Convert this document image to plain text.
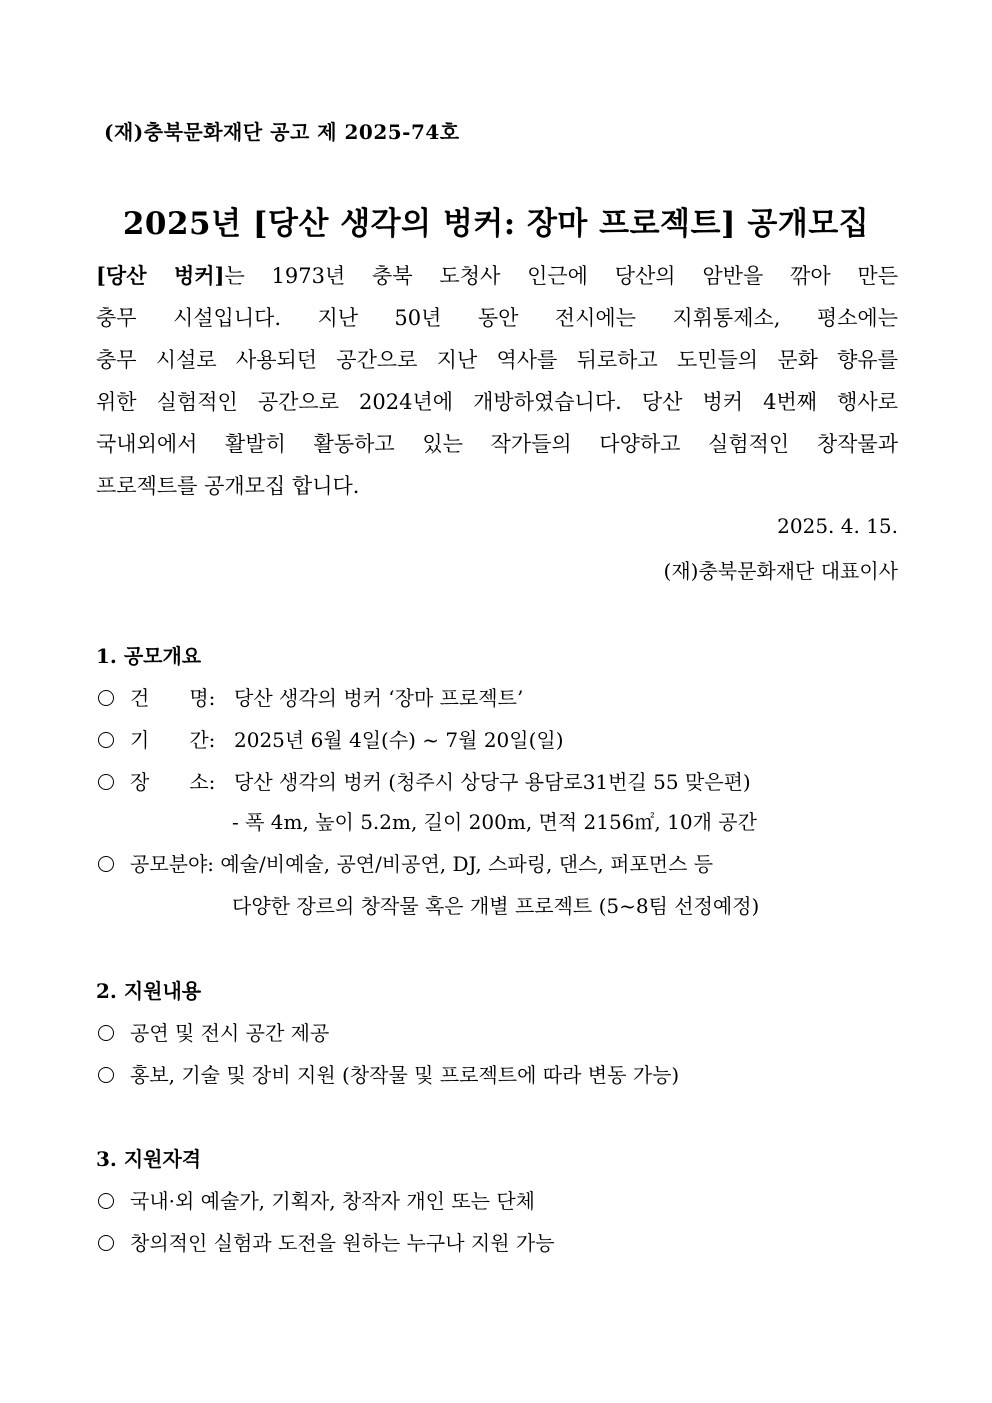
(재)충북문화재단 공고 제 2025-74호
2025년 [당산 생각의 벙커: 장마 프로젝트] 공개모집
[당산 벙커]는 1973년 충북 도청사 인근에 당산의 암반을 깎아 만든
충무 시설입니다. 지난 50년 동안 전시에는 지휘통제소, 평소에는
충무 시설로 사용되던 공간으로 지난 역사를 뒤로하고 도민들의 문화 향유를
위한 실험적인 공간으로 2024년에 개방하였습니다. 당산 벙커 4번째 행사로
국내외에서 활발히 활동하고 있는 작가들의 다양하고 실험적인 창작물과
프로젝트를 공개모집 합니다.
2025. 4. 15.
(재)충북문화재단 대표이사
1. 공모개요
건　　명: 당산 생각의 벙커 ‘장마 프로젝트’
기　　간: 2025년 6월 4일(수) ~ 7월 20일(일)
장　　소: 당산 생각의 벙커 (청주시 상당구 용담로31번길 55 맞은편)
- 폭 4m, 높이 5.2m, 길이 200m, 면적 2156㎡, 10개 공간
공모분야: 예술/비예술, 공연/비공연, DJ, 스파링, 댄스, 퍼포먼스 등
다양한 장르의 창작물 혹은 개별 프로젝트 (5~8팀 선정예정)
2. 지원내용
공연 및 전시 공간 제공
홍보, 기술 및 장비 지원 (창작물 및 프로젝트에 따라 변동 가능)
3. 지원자격
국내·외 예술가, 기획자, 창작자 개인 또는 단체
창의적인 실험과 도전을 원하는 누구나 지원 가능
